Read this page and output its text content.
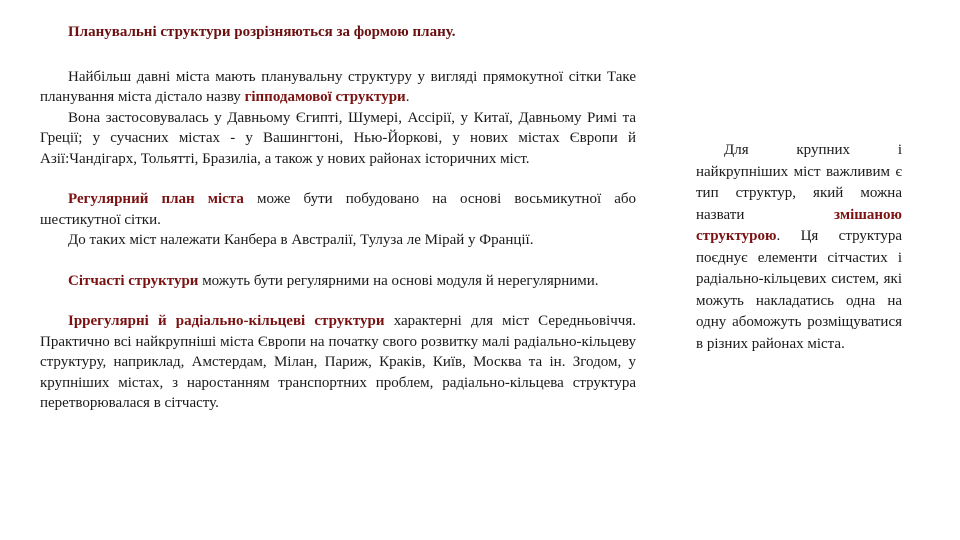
Планувальні структури розрізняються за формою плану.

Найбільш давні міста мають планувальну структуру у вигляді прямокутної сітки Таке планування міста дістало назву гіпподамової структури.

Вона застосовувалась у Давньому Єгипті, Шумері, Ассірії, у Китаї, Давньому Римі та Греції; у сучасних містах - у Вашингтоні, Нью-Йоркові, у нових містах Європи й Азії:Чандігарх, Тольятті, Бразиліа, а також у нових районах історичних міст.

Регулярний план міста може бути побудовано на основі восьмикутної або шестикутної сітки.

До таких міст належати Канбера в Австралії, Тулуза ле Мірай у Франції.

Сітчасті структури можуть бути регулярними на основі модуля й нерегулярними.

Іррегулярні й радіально-кільцеві структури характерні для міст Середньовіччя. Практично всі найкрупніші міста Європи на початку свого розвитку малі радіально-кільцеву структуру, наприклад, Амстердам, Мілан, Париж, Краків, Київ, Москва та ін. Згодом, у крупніших містах, з наростанням транспортних проблем, радіально-кільцева структура перетворювалася в сітчасту.

Для крупних і найкрупніших міст важливим є тип структур, який можна назвати змішаною структурою. Ця структура поєднує елементи сітчастих і радіально-кільцевих систем, які можуть накладатись одна на одну абоможуть розміщуватися в різних районах міста.
